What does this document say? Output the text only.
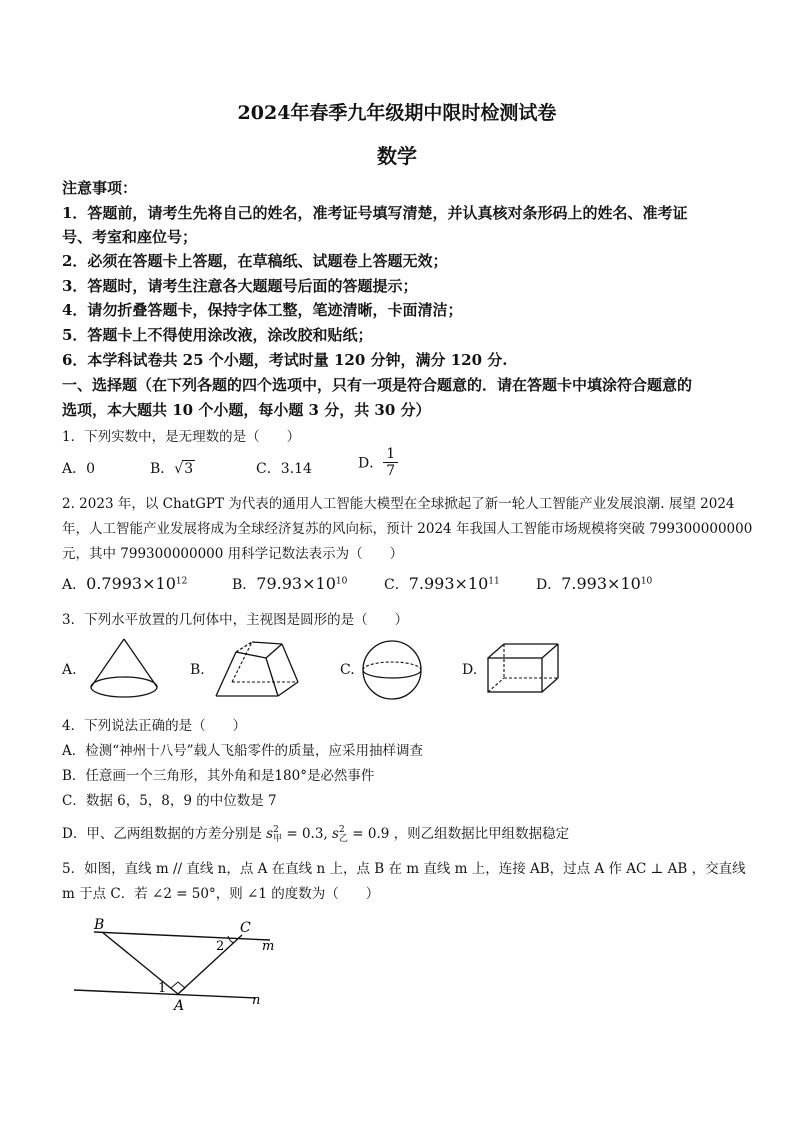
2024年春季九年级期中限时检测试卷
数学
注意事项：
1．答题前，请考生先将自己的姓名，准考证号填写清楚，并认真核对条形码上的姓名、准考证
号、考室和座位号；
2．必须在答题卡上答题，在草稿纸、试题卷上答题无效；
3．答题时，请考生注意各大题题号后面的答题提示；
4．请勿折叠答题卡，保持字体工整，笔迹清晰，卡面清洁；
5．答题卡上不得使用涂改液，涂改胶和贴纸；
6．本学科试卷共 25 个小题，考试时量 120 分钟，满分 120 分.
一、选择题（在下列各题的四个选项中，只有一项是符合题意的．请在答题卡中填涂符合题意的
选项，本大题共 10 个小题，每小题 3 分，共 30 分）
1．下列实数中，是无理数的是（　　）
A．0	B．√3	C．3.14	D． $\frac{1}{7}$
2. 2023 年，以 ChatGPT 为代表的通用人工智能大模型在全球掀起了新一轮人工智能产业发展浪潮. 展望 2024
年，人工智能产业发展将成为全球经济复苏的风向标，预计 2024 年我国人工智能市场规模将突破 799300000000
元，其中 799300000000 用科学记数法表示为（　　）
A．$0.7993\times 10^{12}$	B．$79.93\times 10^{10}$	C．$7.993\times 10^{11}$	D．$7.993\times 10^{10}$
3．下列水平放置的几何体中，主视图是圆形的是（　　）
A.	B.	C.	D.
4．下列说法正确的是（　　）
A．检测“神州十八号”载人飞船零件的质量，应采用抽样调查
B．任意画一个三角形，其外角和是180°是必然事件
C．数据 6，5，8，9 的中位数是 7
D．甲、乙两组数据的方差分别是 s 2
甲 = 0.3, s 2
乙 = 0.9 ，则乙组数据比甲组数据稳定
5．如图，直线 m // 直线 n，点 A 在直线 n 上，点 B 在 m 直线 m 上，连接 AB，过点 A 作 AC ⊥ AB ，交直线
m 于点 C．若 ∠2 = 50°，则 ∠1 的度数为（　　）
B	C
A
m
n
1
2
